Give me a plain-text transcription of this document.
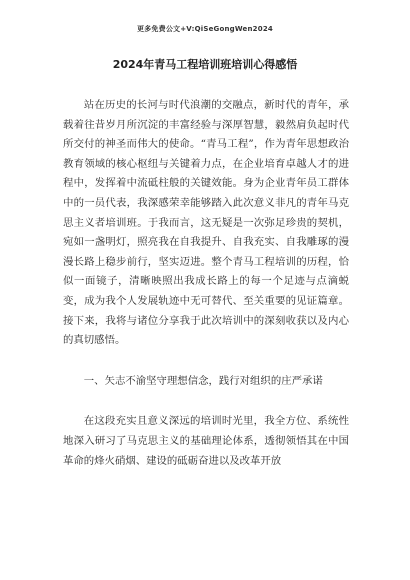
更多免费公文+V:QiSeGongWen2024
2024年青马工程培训班培训心得感悟

站在历史的长河与时代浪潮的交融点，新时代的青年，承载着往昔岁月所沉淀的丰富经验与深厚智慧，毅然肩负起时代所交付的神圣而伟大的使命。“青马工程”，作为青年思想政治教育领域的核心枢纽与关键着力点，在企业培育卓越人才的进程中，发挥着中流砥柱般的关键效能。身为企业青年员工群体中的一员代表，我深感荣幸能够踏入此次意义非凡的青年马克思主义者培训班。于我而言，这无疑是一次弥足珍贵的契机，宛如一盏明灯，照亮我在自我提升、自我充实、自我雕琢的漫漫长路上稳步前行，坚实迈进。整个青马工程培训的历程，恰似一面镜子，清晰映照出我成长路上的每一个足迹与点滴蜕变，成为我个人发展轨迹中无可替代、至关重要的见证篇章。接下来，我将与诸位分享我于此次培训中的深刻收获以及内心的真切感悟。

一、矢志不渝坚守理想信念，践行对组织的庄严承诺

在这段充实且意义深远的培训时光里，我全方位、系统性地深入研习了马克思主义的基础理论体系，透彻领悟其在中国革命的烽火硝烟、建设的砥砺奋进以及改革开放
